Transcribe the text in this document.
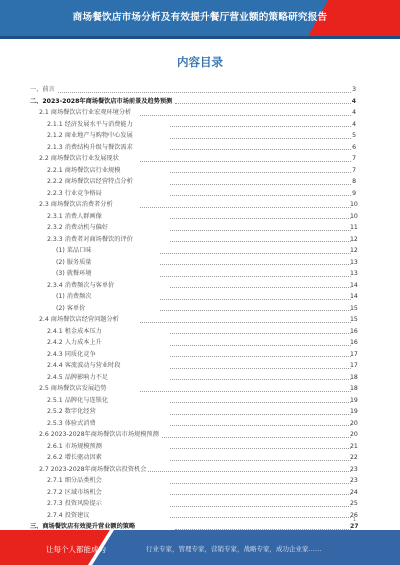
商场餐饮店市场分析及有效提升餐厅营业额的策略研究报告
内容目录
一、前言	3
二、2023-2028年商场餐饮店市场前景及趋势预测	4
2.1 商场餐饮店行业宏观环境分析	4
2.1.1 经济发展水平与消费能力	4
2.1.2 商业地产与购物中心发展	5
2.1.3 消费结构升级与餐饮需求	6
2.2 商场餐饮店行业发展现状	7
2.2.1 商场餐饮店行业规模	7
2.2.2 商场餐饮店经营特点分析	8
2.2.3 行业竞争格局	9
2.3 商场餐饮店消费者分析	10
2.3.1 消费人群画像	10
2.3.2 消费动机与偏好	11
2.3.3 消费者对商场餐饮的评价	12
(1) 菜品口味	12
(2) 服务质量	13
(3) 就餐环境	13
2.3.4 消费频次与客单价	14
(1) 消费频次	14
(2) 客单价	15
2.4 商场餐饮店经营问题分析	15
2.4.1 租金成本压力	16
2.4.2 人力成本上升	16
2.4.3 同质化竞争	17
2.4.4 客流波动与营业时段	17
2.4.5 品牌影响力不足	18
2.5 商场餐饮店发展趋势	18
2.5.1 品牌化与连锁化	19
2.5.2 数字化经营	19
2.5.3 体验式消费	20
2.6 2023-2028年商场餐饮店市场规模预测	20
2.6.1 市场规模预测	21
2.6.2 增长驱动因素	22
2.7 2023-2028年商场餐饮店投资机会	23
2.7.1 细分品类机会	23
2.7.2 区域市场机会	24
2.7.3 投资风险提示	25
2.7.4 投资建议	26
三、商场餐饮店有效提升营业额的策略	27
1
让每个人都能成为	行业专家，管理专家，营销专家，战略专家，成功企业家……
